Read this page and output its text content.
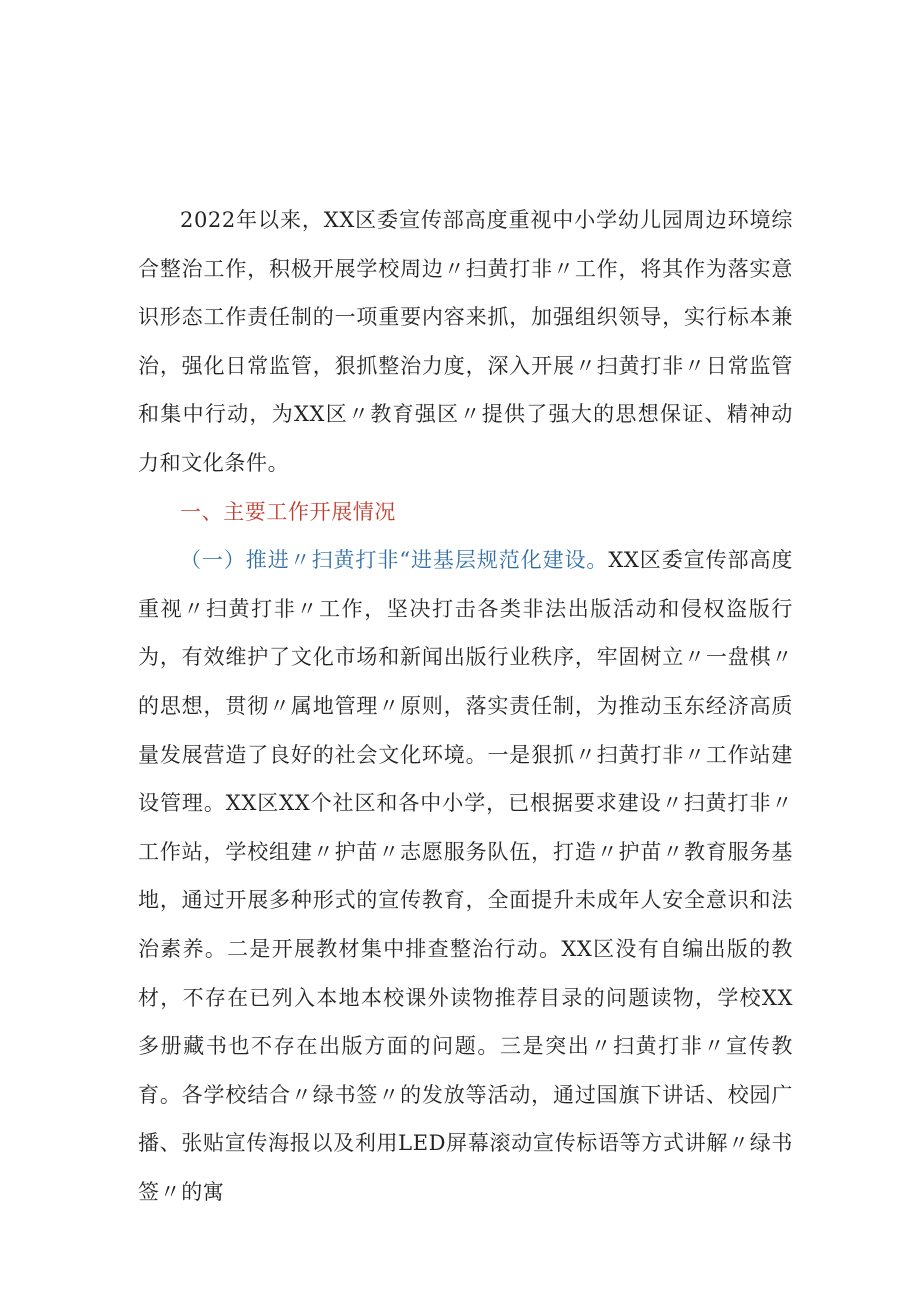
2022年以来，XX区委宣传部高度重视中小学幼儿园周边环境综合整治工作，积极开展学校周边〃扫黄打非〃工作，将其作为落实意识形态工作责任制的一项重要内容来抓，加强组织领导，实行标本兼治，强化日常监管，狠抓整治力度，深入开展〃扫黄打非〃日常监管和集中行动，为XX区〃教育强区〃提供了强大的思想保证、精神动力和文化条件。

一、主要工作开展情况

（一）推进〃扫黄打非“进基层规范化建设。XX区委宣传部高度重视〃扫黄打非〃工作，坚决打击各类非法出版活动和侵权盗版行为，有效维护了文化市场和新闻出版行业秩序，牢固树立〃一盘棋〃的思想，贯彻〃属地管理〃原则，落实责任制，为推动玉东经济高质量发展营造了良好的社会文化环境。一是狠抓〃扫黄打非〃工作站建设管理。XX区XX个社区和各中小学，已根据要求建设〃扫黄打非〃工作站，学校组建〃护苗〃志愿服务队伍，打造〃护苗〃教育服务基地，通过开展多种形式的宣传教育，全面提升未成年人安全意识和法治素养。二是开展教材集中排查整治行动。XX区没有自编出版的教材，不存在已列入本地本校课外读物推荐目录的问题读物，学校XX多册藏书也不存在出版方面的问题。三是突出〃扫黄打非〃宣传教育。各学校结合〃绿书签〃的发放等活动，通过国旗下讲话、校园广播、张贴宣传海报以及利用LED屏幕滚动宣传标语等方式讲解〃绿书签〃的寓
